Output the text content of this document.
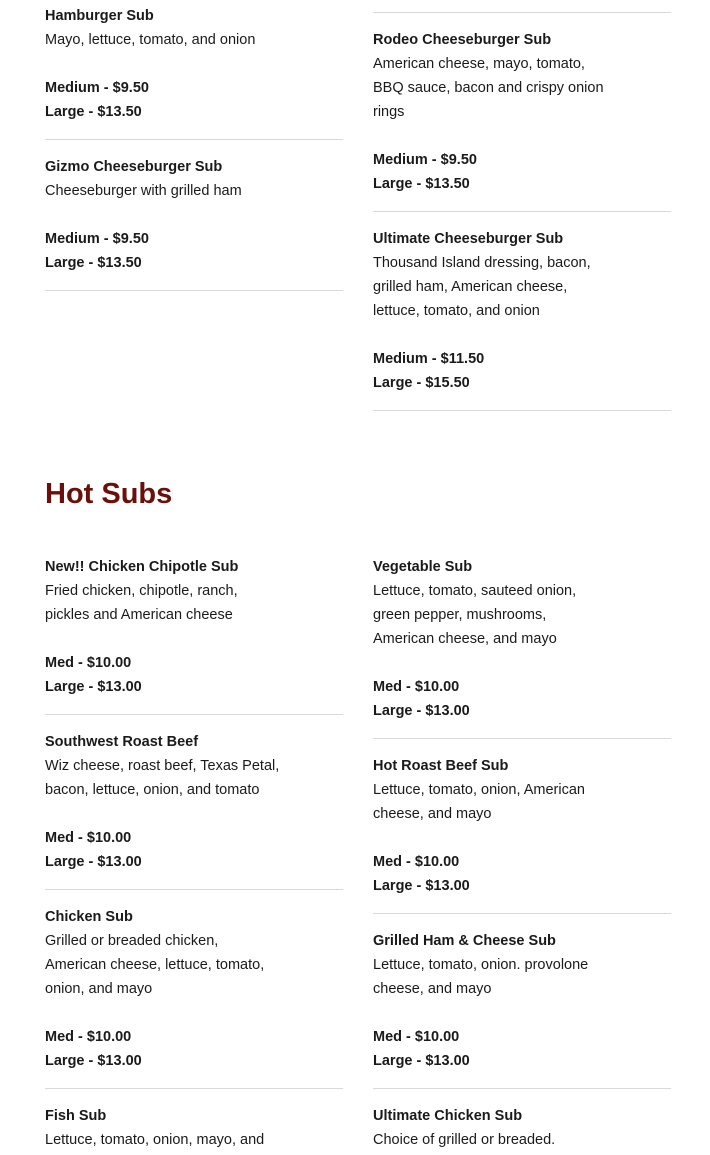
Hamburger Sub
Mayo, lettuce, tomato, and onion
Medium - $9.50
Large - $13.50
Gizmo Cheeseburger Sub
Cheeseburger with grilled ham
Medium - $9.50
Large - $13.50
Rodeo Cheeseburger Sub
American cheese, mayo, tomato,
BBQ sauce, bacon and crispy onion
rings
Medium - $9.50
Large - $13.50
Ultimate Cheeseburger Sub
Thousand Island dressing, bacon,
grilled ham, American cheese,
lettuce, tomato, and onion
Medium - $11.50
Large - $15.50
Hot Subs
New!! Chicken Chipotle Sub
Fried chicken, chipotle, ranch,
pickles and American cheese
Med - $10.00
Large - $13.00
Southwest Roast Beef
Wiz cheese, roast beef, Texas Petal,
bacon, lettuce, onion, and tomato
Med - $10.00
Large - $13.00
Chicken Sub
Grilled or breaded chicken,
American cheese, lettuce, tomato,
onion, and mayo
Med - $10.00
Large - $13.00
Fish Sub
Lettuce, tomato, onion, mayo, and
Vegetable Sub
Lettuce, tomato, sauteed onion,
green pepper, mushrooms,
American cheese, and mayo
Med - $10.00
Large - $13.00
Hot Roast Beef Sub
Lettuce, tomato, onion, American
cheese, and mayo
Med - $10.00
Large - $13.00
Grilled Ham & Cheese Sub
Lettuce, tomato, onion. provolone
cheese, and mayo
Med - $10.00
Large - $13.00
Ultimate Chicken Sub
Choice of grilled or breaded.
